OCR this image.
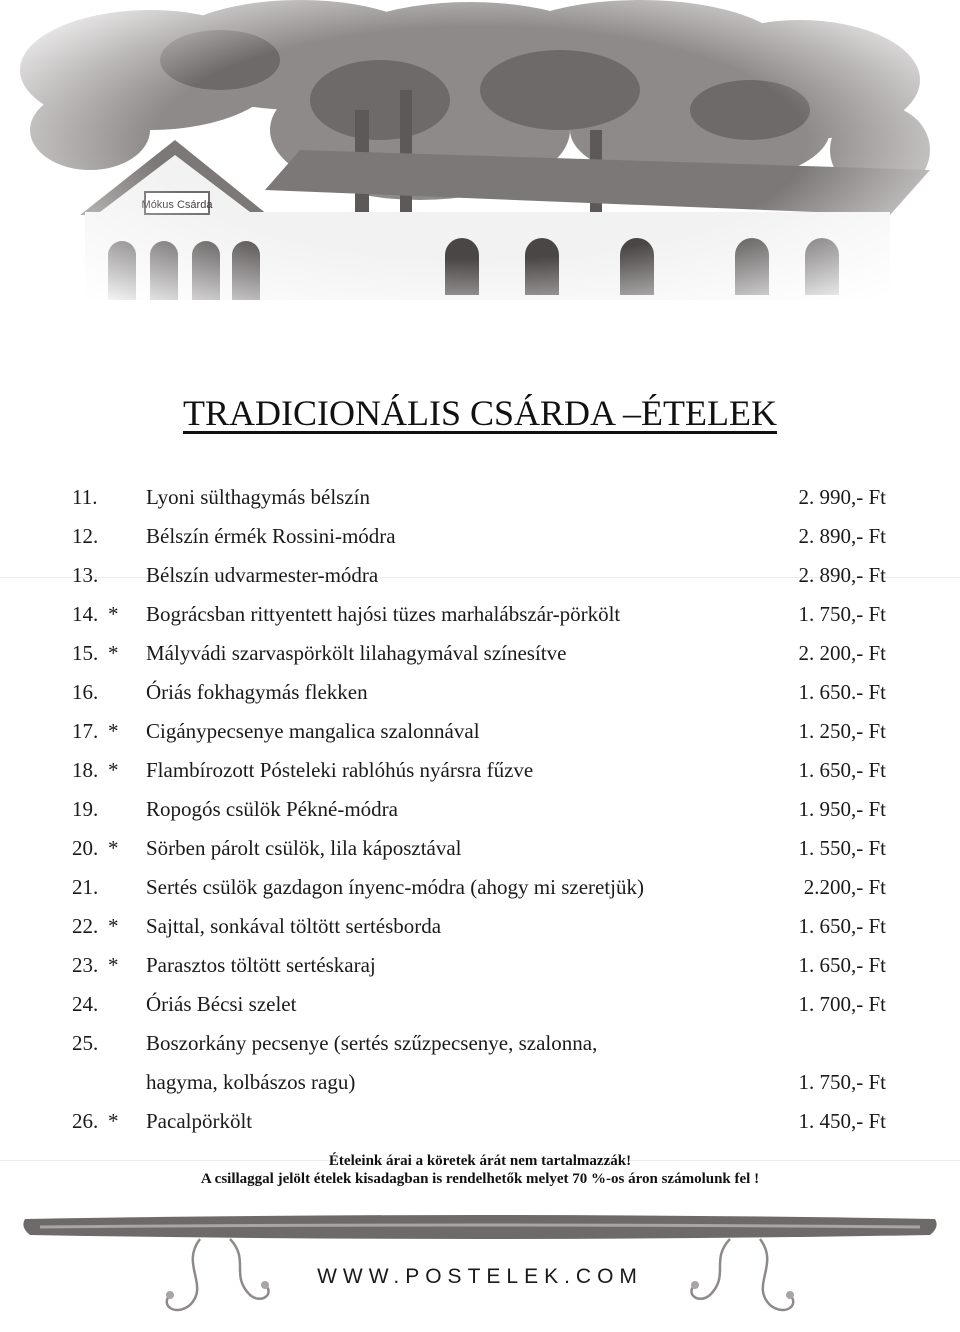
TRADICIONÁLIS CSÁRDA –ÉTELEK
11. Lyoni sülthagymás bélszín	2. 990,- Ft
12. Bélszín érmék Rossini-módra	2. 890,- Ft
13. Bélszín udvarmester-módra	2. 890,- Ft
14. * Bográcsban rittyentett hajósi tüzes marhalábszár-pörkölt	1. 750,- Ft
15. * Mályvádi szarvaspörkölt lilahagymával színesítve	2. 200,- Ft
16. Óriás fokhagymás flekken	1. 650.- Ft
17. * Cigánypecsenye mangalica szalonnával	1. 250,- Ft
18. * Flambírozott Pósteleki rablóhús nyársra fűzve	1. 650,- Ft
19. Ropogós csülök Pékné-módra	1. 950,- Ft
20. * Sörben párolt csülök, lila káposztával	1. 550,- Ft
21. Sertés csülök gazdagon ínyenc-módra (ahogy mi szeretjük)	2.200,- Ft
22. * Sajttal, sonkával töltött sertésborda	1. 650,- Ft
23. * Parasztos töltött sertéskaraj	1. 650,- Ft
24. Óriás Bécsi szelet	1. 700,- Ft
25. Boszorkány pecsenye (sertés szűzpecsenye, szalonna,
hagyma, kolbászos ragu)	1. 750,- Ft
26. * Pacalpörkölt	1. 450,- Ft
Ételeink árai a köretek árát nem tartalmazzák!
A csillaggal jelölt ételek kisadagban is rendelhetők melyet 70 %-os áron számolunk fel !
WWW.POSTELEK.COM
